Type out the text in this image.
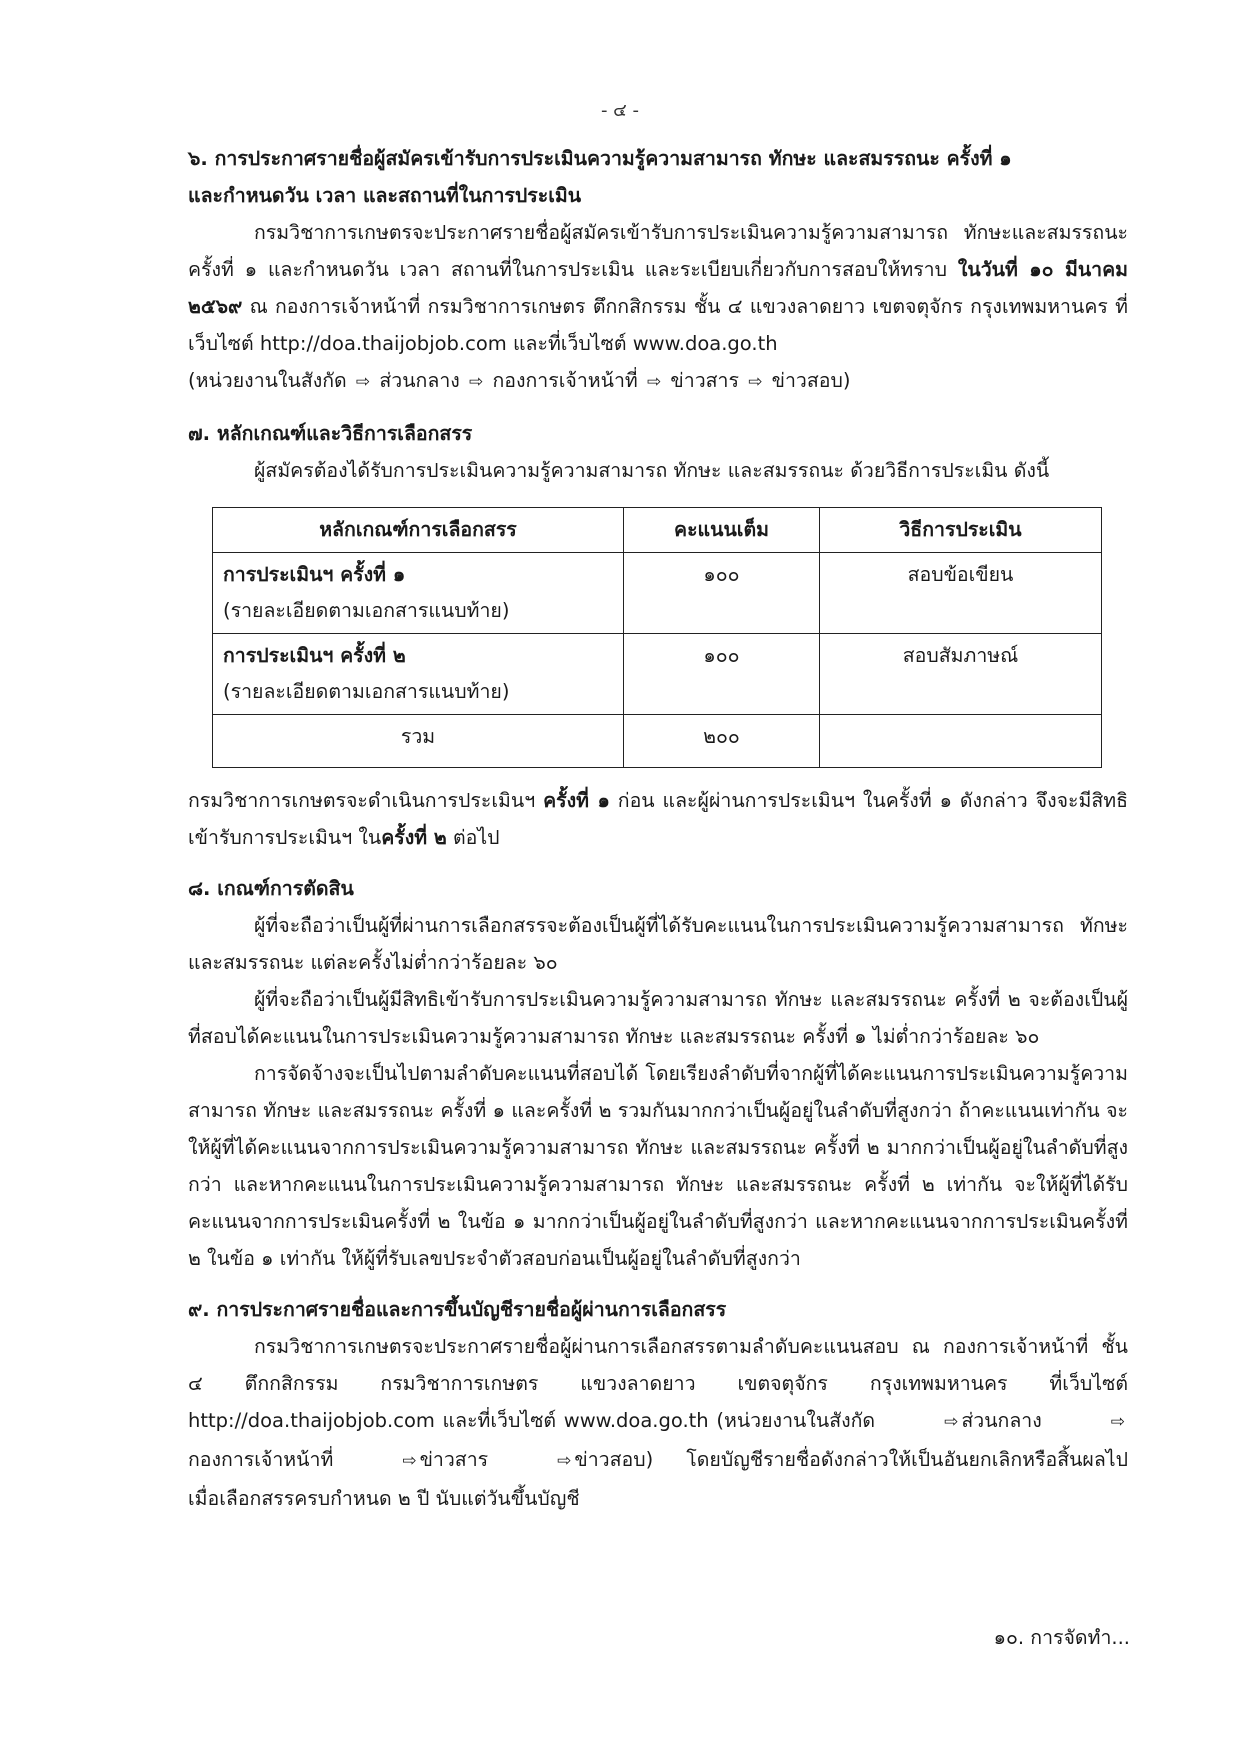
- ๔ -

๖. การประกาศรายชื่อผู้สมัครเข้ารับการประเมินความรู้ความสามารถ ทักษะ และสมรรถนะ ครั้งที่ ๑

และกำหนดวัน เวลา และสถานที่ในการประเมิน

กรมวิชาการเกษตรจะประกาศรายชื่อผู้สมัครเข้ารับการประเมินความรู้ความสามารถ ทักษะและสมรรถนะ ครั้งที่ ๑ และกำหนดวัน เวลา สถานที่ในการประเมิน และระเบียบเกี่ยวกับการสอบให้ทราบ ในวันที่ ๑๐ มีนาคม ๒๕๖๙ ณ กองการเจ้าหน้าที่ กรมวิชาการเกษตร ตึกกสิกรรม ชั้น ๔ แขวงลาดยาว เขตจตุจักร กรุงเทพมหานคร ที่เว็บไซต์ http://doa.thaijobjob.com และที่เว็บไซต์ www.doa.go.th

(หน่วยงานในสังกัด ⇨ ส่วนกลาง ⇨ กองการเจ้าหน้าที่ ⇨ ข่าวสาร ⇨ ข่าวสอบ)

๗. หลักเกณฑ์และวิธีการเลือกสรร

ผู้สมัครต้องได้รับการประเมินความรู้ความสามารถ ทักษะ และสมรรถนะ ด้วยวิธีการประเมิน ดังนี้

หลักเกณฑ์การเลือกสรร	คะแนนเต็ม	วิธีการประเมิน

การประเมินฯ ครั้งที่ ๑
(รายละเอียดตามเอกสารแนบท้าย)	๑๐๐	สอบข้อเขียน

การประเมินฯ ครั้งที่ ๒
(รายละเอียดตามเอกสารแนบท้าย)	๑๐๐	สอบสัมภาษณ์
รวม	๒๐๐	

กรมวิชาการเกษตรจะดำเนินการประเมินฯ ครั้งที่ ๑ ก่อน และผู้ผ่านการประเมินฯ ในครั้งที่ ๑ ดังกล่าว จึงจะมีสิทธิเข้ารับการประเมินฯ ในครั้งที่ ๒ ต่อไป

๘. เกณฑ์การตัดสิน

ผู้ที่จะถือว่าเป็นผู้ที่ผ่านการเลือกสรรจะต้องเป็นผู้ที่ได้รับคะแนนในการประเมินความรู้ความสามารถ ทักษะ และสมรรถนะ แต่ละครั้งไม่ต่ำกว่าร้อยละ ๖๐

ผู้ที่จะถือว่าเป็นผู้มีสิทธิเข้ารับการประเมินความรู้ความสามารถ ทักษะ และสมรรถนะ ครั้งที่ ๒ จะต้องเป็นผู้ที่สอบได้คะแนนในการประเมินความรู้ความสามารถ ทักษะ และสมรรถนะ ครั้งที่ ๑ ไม่ต่ำกว่าร้อยละ ๖๐

การจัดจ้างจะเป็นไปตามลำดับคะแนนที่สอบได้ โดยเรียงลำดับที่จากผู้ที่ได้คะแนนการประเมินความรู้ความสามารถ ทักษะ และสมรรถนะ ครั้งที่ ๑ และครั้งที่ ๒ รวมกันมากกว่าเป็นผู้อยู่ในลำดับที่สูงกว่า ถ้าคะแนนเท่ากัน จะให้ผู้ที่ได้คะแนนจากการประเมินความรู้ความสามารถ ทักษะ และสมรรถนะ ครั้งที่ ๒ มากกว่าเป็นผู้อยู่ในลำดับที่สูงกว่า และหากคะแนนในการประเมินความรู้ความสามารถ ทักษะ และสมรรถนะ ครั้งที่ ๒ เท่ากัน จะให้ผู้ที่ได้รับคะแนนจากการประเมินครั้งที่ ๒ ในข้อ ๑ มากกว่าเป็นผู้อยู่ในลำดับที่สูงกว่า และหากคะแนนจากการประเมินครั้งที่ ๒ ในข้อ ๑ เท่ากัน ให้ผู้ที่รับเลขประจำตัวสอบก่อนเป็นผู้อยู่ในลำดับที่สูงกว่า

๙. การประกาศรายชื่อและการขึ้นบัญชีรายชื่อผู้ผ่านการเลือกสรร

กรมวิชาการเกษตรจะประกาศรายชื่อผู้ผ่านการเลือกสรรตามลำดับคะแนนสอบ ณ กองการเจ้าหน้าที่ ชั้น ๔ ตึกกสิกรรม กรมวิชาการเกษตร แขวงลาดยาว เขตจตุจักร กรุงเทพมหานคร ที่เว็บไซต์ http://doa.thaijobjob.com และที่เว็บไซต์ www.doa.go.th (หน่วยงานในสังกัด	⇨ ส่วนกลาง	⇨กองการเจ้าหน้าที่	⇨ ข่าวสาร	⇨ ข่าวสอบ) โดยบัญชีรายชื่อดังกล่าวให้เป็นอันยกเลิกหรือสิ้นผลไปเมื่อเลือกสรรครบกำหนด ๒ ปี นับแต่วันขึ้นบัญชี

๑๐. การจัดทำ...
